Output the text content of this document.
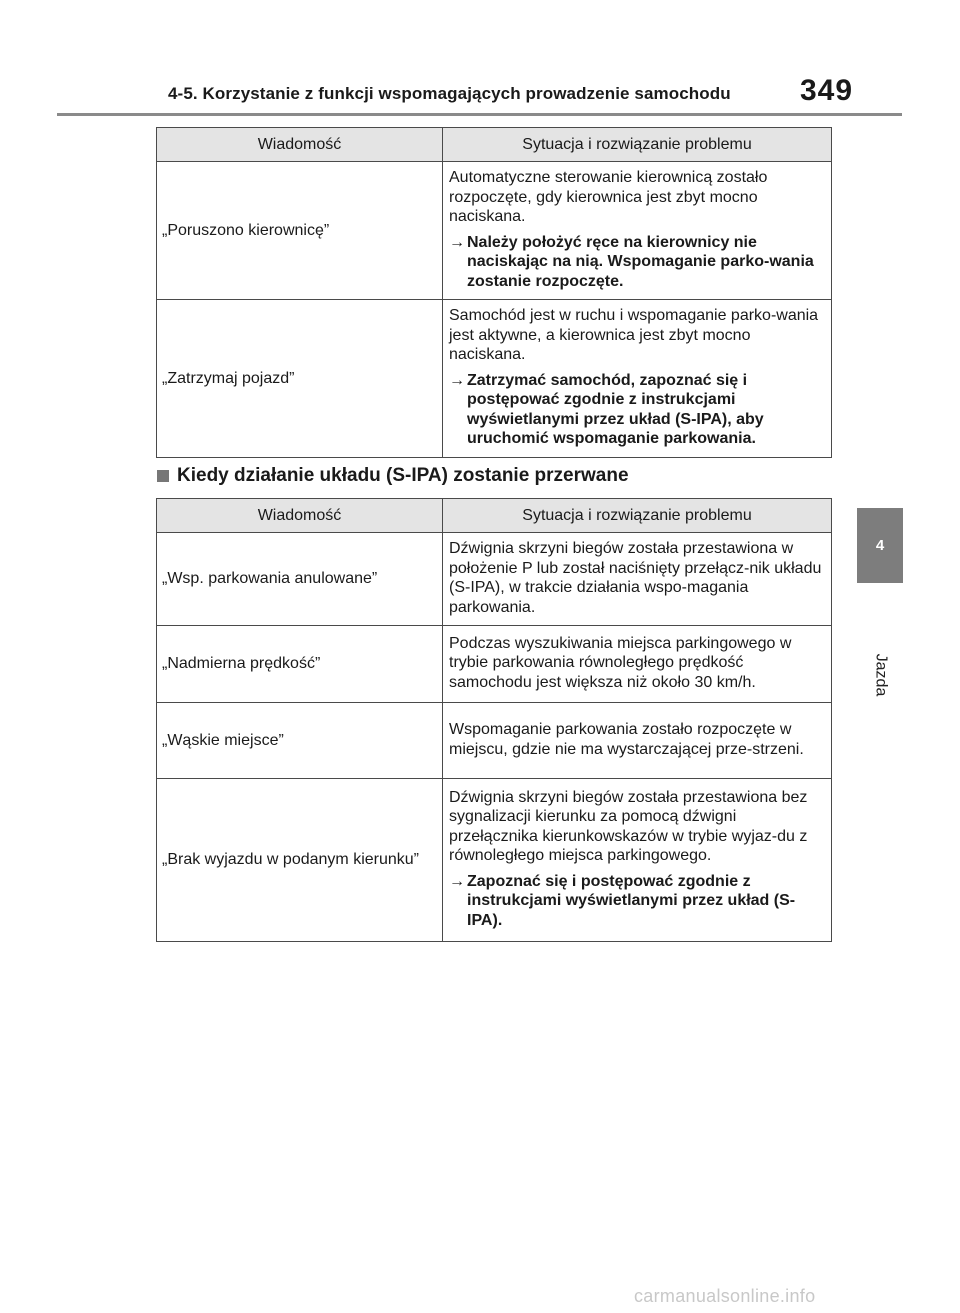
4-5. Korzystanie z funkcji wspomagających prowadzenie samochodu 349
4
Jazda
Wiadomość	Sytuacja i rozwiązanie problemu
„Poruszono kierownicę”	Automatyczne sterowanie kierownicą zostało rozpoczęte, gdy kierownica jest zbyt mocno naciskana.

→ Należy położyć ręce na kierownicy nie naciskając na nią. Wspomaganie parko-wania zostanie rozpoczęte.

„Zatrzymaj pojazd”	Samochód jest w ruchu i wspomaganie parko-wania jest aktywne, a kierownica jest zbyt mocno naciskana.

→ Zatrzymać samochód, zapoznać się i postępować zgodnie z instrukcjami wyświetlanymi przez układ (S-IPA), aby uruchomić wspomaganie parkowania.
Kiedy działanie układu (S-IPA) zostanie przerwane
Wiadomość	Sytuacja i rozwiązanie problemu
„Wsp. parkowania anulowane”	Dźwignia skrzyni biegów została przestawiona w położenie P lub został naciśnięty przełącz-nik układu (S-IPA), w trakcie działania wspo-magania parkowania.

„Nadmierna prędkość”	Podczas wyszukiwania miejsca parkingowego w trybie parkowania równoległego prędkość samochodu jest większa niż około 30 km/h.

„Wąskie miejsce”	Wspomaganie parkowania zostało rozpoczęte w miejscu, gdzie nie ma wystarczającej prze-strzeni.

„Brak wyjazdu w podanym kierunku”	Dźwignia skrzyni biegów została przestawiona bez sygnalizacji kierunku za pomocą dźwigni przełącznika kierunkowskazów w trybie wyjaz-du z równoległego miejsca parkingowego.

→ Zapoznać się i postępować zgodnie z instrukcjami wyświetlanymi przez układ (S-IPA).
carmanualsonline.info
